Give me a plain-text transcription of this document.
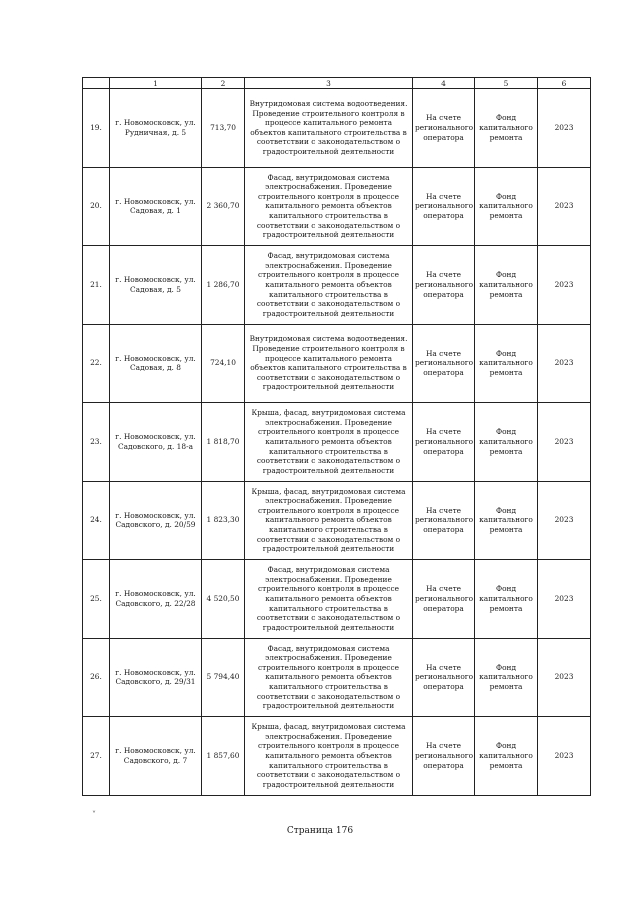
	1	2	3	4	5	6
19.	г. Новомосковск, ул. Рудничная, д. 5	713,70	Внутридомовая система водоотведения. Проведение строительного контроля в процессе капитального ремонта объектов капитального строительства в соответствии с законодательством о градостроительной деятельности	На счете регионального оператора	Фонд капитального ремонта	2023
20.	г. Новомосковск, ул. Садовая, д. 1	2 360,70	Фасад, внутридомовая система электроснабжения. Проведение строительного контроля в процессе капитального ремонта объектов капитального строительства в соответствии с законодательством о градостроительной деятельности	На счете регионального оператора	Фонд капитального ремонта	2023
21.	г. Новомосковск, ул. Садовая, д. 5	1 286,70	Фасад, внутридомовая система электроснабжения. Проведение строительного контроля в процессе капитального ремонта объектов капитального строительства в соответствии с законодательством о градостроительной деятельности	На счете регионального оператора	Фонд капитального ремонта	2023
22.	г. Новомосковск, ул. Садовая, д. 8	724,10	Внутридомовая система водоотведения. Проведение строительного контроля в процессе капитального ремонта объектов капитального строительства в соответствии с законодательством о градостроительной деятельности	На счете регионального оператора	Фонд капитального ремонта	2023
23.	г. Новомосковск, ул. Садовского, д. 18-а	1 818,70	Крыша, фасад, внутридомовая система электроснабжения. Проведение строительного контроля в процессе капитального ремонта объектов капитального строительства в соответствии с законодательством о градостроительной деятельности	На счете регионального оператора	Фонд капитального ремонта	2023
24.	г. Новомосковск, ул. Садовского, д. 20/59	1 823,30	Крыша, фасад, внутридомовая система электроснабжения. Проведение строительного контроля в процессе капитального ремонта объектов капитального строительства в соответствии с законодательством о градостроительной деятельности	На счете регионального оператора	Фонд капитального ремонта	2023
25.	г. Новомосковск, ул. Садовского, д. 22/28	4 520,50	Фасад, внутридомовая система электроснабжения. Проведение строительного контроля в процессе капитального ремонта объектов капитального строительства в соответствии с законодательством о градостроительной деятельности	На счете регионального оператора	Фонд капитального ремонта	2023
26.	г. Новомосковск, ул. Садовского, д. 29/31	5 794,40	Фасад, внутридомовая система электроснабжения. Проведение строительного контроля в процессе капитального ремонта объектов капитального строительства в соответствии с законодательством о градостроительной деятельности	На счете регионального оператора	Фонд капитального ремонта	2023
27.	г. Новомосковск, ул. Садовского, д. 7	1 857,60	Крыша, фасад, внутридомовая система электроснабжения. Проведение строительного контроля в процессе капитального ремонта объектов капитального строительства в соответствии с законодательством о градостроительной деятельности	На счете регионального оператора	Фонд капитального ремонта	2023
˅
Страница 176
